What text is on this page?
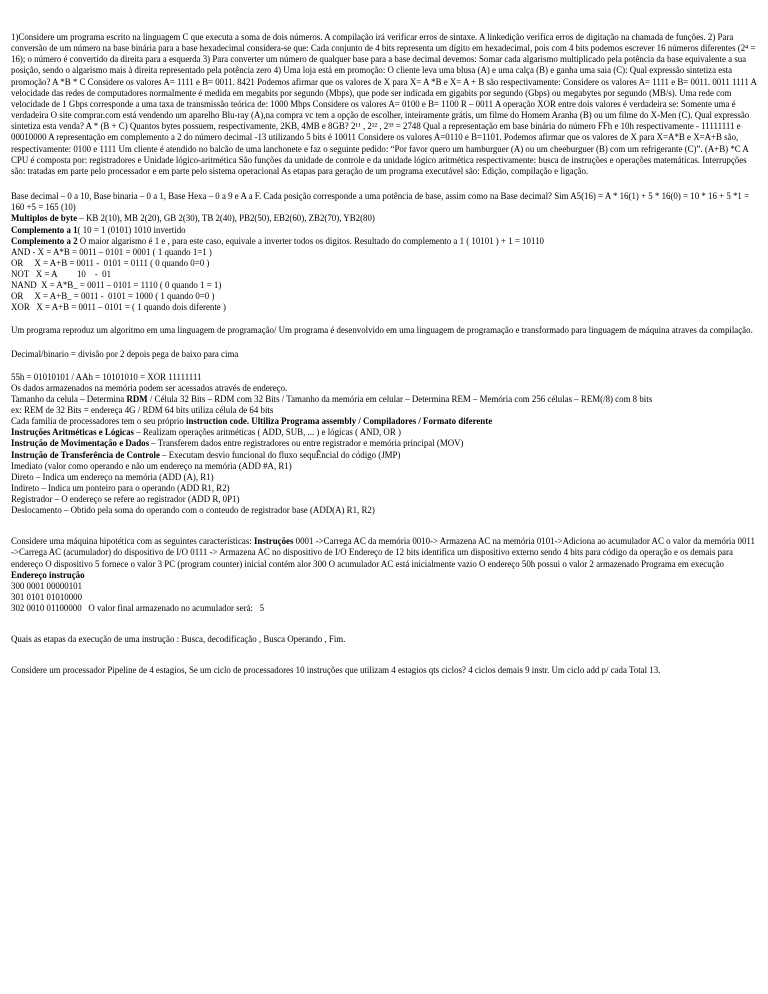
1)Considere um programa escrito na linguagem C que executa a soma de dois números. A compilação irá verificar erros de sintaxe. A linkedição verifica erros de digitação na chamada de funções. 2) Para conversão de um número na base binária para a base hexadecimal considera-se que: Cada conjunto de 4 bits representa um dígito em hexadecimal, pois com 4 bits podemos escrever 16 números diferentes (2⁴ = 16); o número é convertido da direita para a esquerda 3) Para converter um número de qualquer base para a base decimal devemos: Somar cada algarismo multiplicado pela potência da base equivalente a sua posição, sendo o algarismo mais à direita representado pela potência zero 4) Uma loja está em promoção: O cliente leva uma blusa (A) e uma calça (B) e ganha uma saia (C): Qual expressão sintetiza esta promoção? A *B * C Considere os valores A= 1111 e B= 0011. 8421 Podemos afirmar que os valores de X para X= A *B e X= A + B são respectivamente: Considere os valores A= 1111 e B= 0011. 0011 1111 A velocidade das redes de computadores normalmente é medida em megabits por segundo (Mbps), que pode ser indicada em gigabits por segundo (Gbps) ou megabytes por segundo (MB/s). Uma rede com velocidade de 1 Gbps corresponde a uma taxa de transmissão teórica de: 1000 Mbps Considere os valores A= 0100 e B= 1100 R – 0011 A operação XOR entre dois valores é verdadeira se: Somente uma é verdadeira O site comprar.com está vendendo um aparelho Blu-ray (A),na compra vc tem a opção de escolher, inteiramente grátis, um filme do Homem Aranha (B) ou um filme do X-Men (C). Qual expressão sintetiza esta venda? A * (B + C) Quantos bytes possuem, respectivamente, 2KB, 4MB e 8GB? 2¹¹ , 2²² , 2³³ = 2748 Qual a representação em base binária do número FFh e 10h respectivamente - 11111111 e 00010000 A representação em complemento a 2 do número decimal -13 utilizando 5 bits é 10011 Considere os valores A=0110 e B=1101. Podemos afirmar que os valores de X para X=A*B e X=A+B são, respectivamente: 0100 e 1111 Um cliente é atendido no balcão de uma lanchonete e faz o seguinte pedido: “Por favor quero um hamburguer (A) ou um cheeburguer (B) com um refrigerante (C)”. (A+B) *C A CPU é composta por: registradores e Unidade lógico-aritmética São funções da unidade de controle e da unidade lógico aritmética respectivamente: busca de instruções e operações matemáticas. Interrupções são: tratadas em parte pelo processador e em parte pelo sistema operacional As etapas para geração de um programa executável são: Edição, compilação e ligação.

Base decimal – 0 a 10, Base binaria – 0 a 1, Base Hexa – 0 a 9 e A a F. Cada posição corresponde a uma potência de base, assim como na Base decimal? Sim A5(16) = A * 16(1) + 5 * 16(0) = 10 * 16 + 5 *1 = 160 +5 = 165 (10)

Multiplos de byte – KB 2(10), MB 2(20), GB 2(30), TB 2(40), PB2(50), EB2(60), ZB2(70), YB2(80)

Complemento a 1( 10 = 1 (0101) 1010 invertido

Complemento a 2 O maior algarismo é 1 e , para este caso, equivale a inverter todos os digitos. Resultado do complemento a 1 ( 10101 ) + 1 = 10110

AND - X = A*B = 0011 – 0101 = 0001 ( 1 quando 1=1 )

OR     X = A+B = 0011 -  0101 = 0111 ( 0 quando 0=0 )

NOT   X = A         10    -  01

NAND  X = A*B_ = 0011 – 0101 = 1110 ( 0 quando 1 = 1)

OR     X = A+B_ = 0011 -  0101 = 1000 ( 1 quando 0=0 )

XOR   X = A+B = 0011 – 0101 = ( 1 quando dois diferente )

Um programa reproduz um algoritmo em uma linguagem de programação/ Um programa é desenvolvido em uma linguagem de programação e transformado para linguagem de máquina atraves da compilação.

Decimal/binario = divisão por 2 depois pega de baixo para cima

55h = 01010101 / AAh = 10101010 = XOR 11111111

Os dados armazenados na memória podem ser acessados através de endereço.

Tamanho da celula – Determina RDM / Célula 32 Bits – RDM com 32 Bits / Tamanho da memória em celular – Determina REM – Memória com 256 células – REM(/8) com 8 bits

ex: REM de 32 Bits = endereça 4G / RDM 64 bits utiliza célula de 64 bits

Cada familia de processadores tem o seu próprio instruction code. Ultiliza Programa assembly / Compiladores / Formato diferente

Instruções Aritméticas e Lógicas – Realizam operações aritméticas ( ADD, SUB, ... ) e lógicas ( AND, OR )

Instrução de Movimentação e Dados – Transferem dados entre registradores ou entre registrador e memória principal (MOV)

Instrução de Transferência de Controle – Executam desvio funcional do fluxo sequÊncial do código (JMP)

Imediato (valor como operando e não um endereço na memória (ADD #A, R1)

Direto – Indica um endereço na memória (ADD (A), R1)

Indireto – Indica um ponteiro para o operando (ADD R1, R2)

Registrador – O endereço se refere ao registrador (ADD R, 0P1)

Deslocamento – Obtido pela soma do operando com o conteudo de registrador base (ADD(A) R1, R2)

Considere uma máquina hipotética com as seguintes características: Instruções 0001 ->Carrega AC da memória 0010-> Armazena AC na memória 0101->Adiciona ao acumulador AC o valor da memória 0011 ->Carrega AC (acumulador) do dispositivo de I/O 0111 -> Armazena AC no dispositivo de I/O Endereço de 12 bits identifica um dispositivo externo sendo 4 bits para código da operação e os demais para endereço O dispositivo 5 fornece o valor 3 PC (program counter) inicial contém alor 300 O acumulador AC está inicialmente vazio O endereço 50h possui o valor 2 armazenado Programa em execução

Endereço instrução

300 0001 00000101

301 0101 01010000

302 0010 01100000   O valor final armazenado no acumulador será:   5

Quais as etapas da execução de uma instrução : Busca, decodificação , Busca Operando , Fim.

Considere um processador Pipeline de 4 estagios, Se um ciclo de processadores 10 instruções que utilizam 4 estagios qts ciclos? 4 ciclos demais 9 instr. Um ciclo add p/ cada Total 13.
